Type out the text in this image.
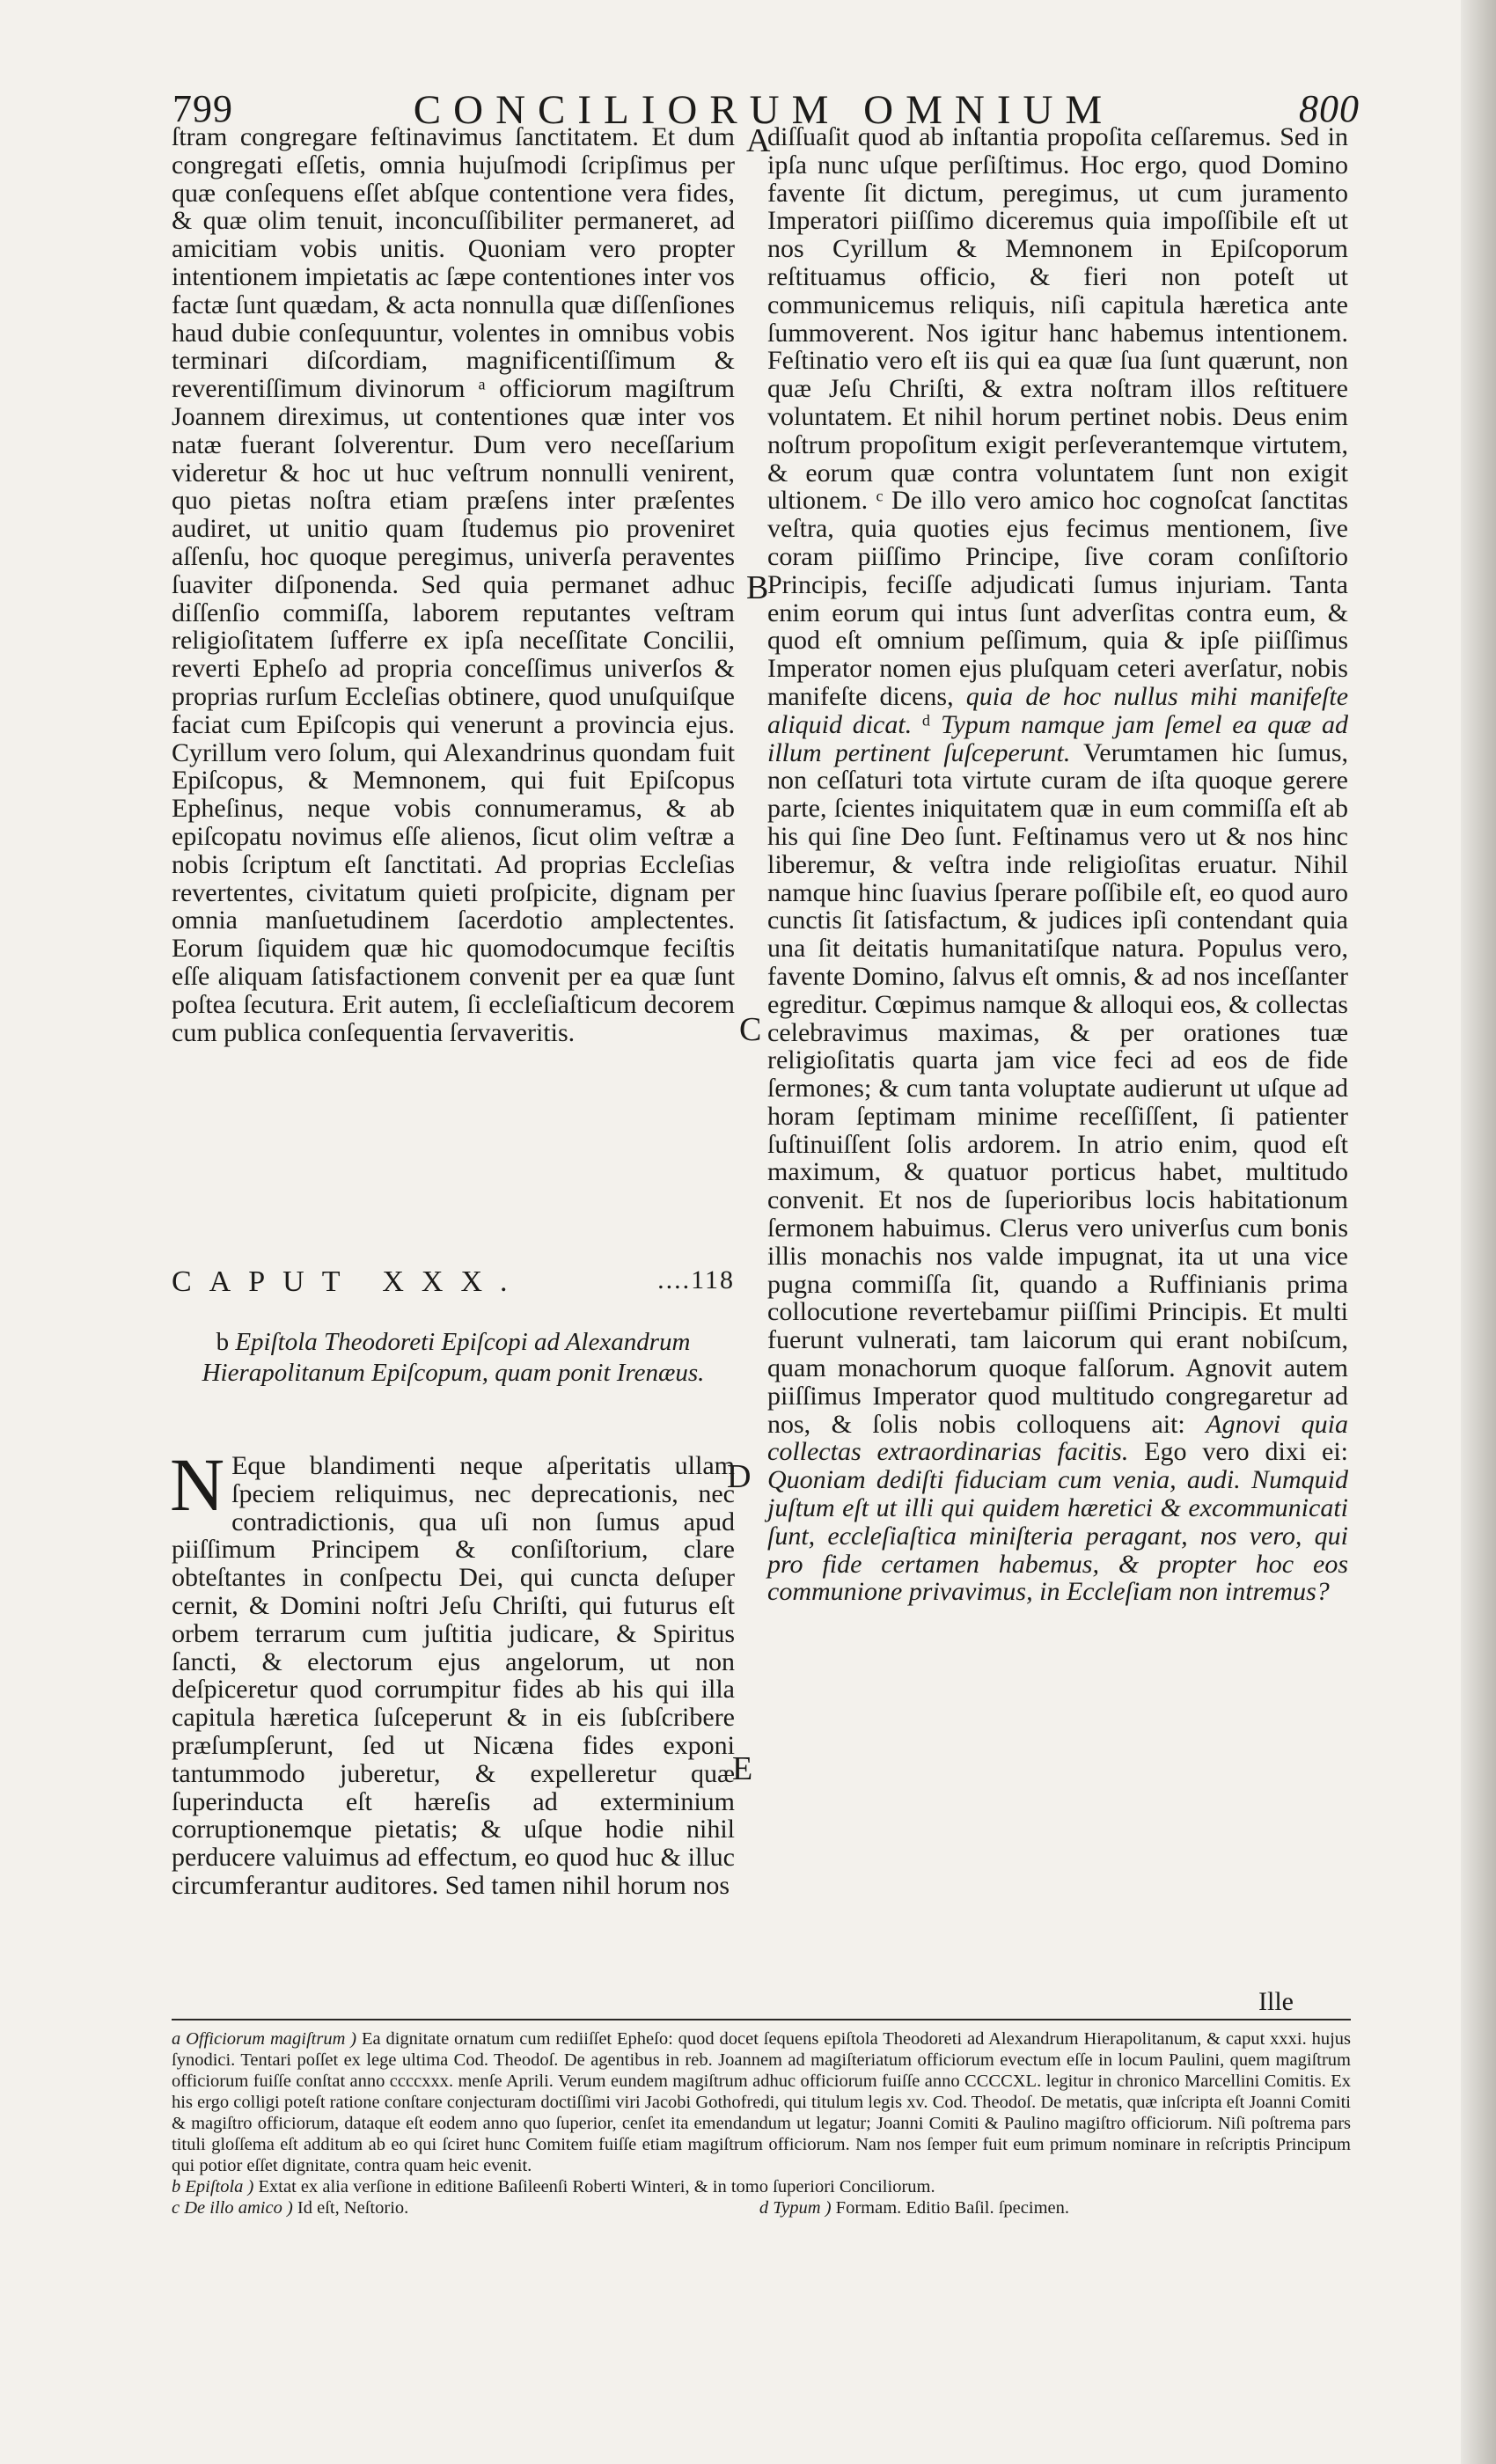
799	CONCILIORUM OMNIUM	800

ſtram congregare feſtinavimus ſanctitatem. Et dum congregati eſſetis, omnia hujuſmodi ſcripſimus per quæ conſequens eſſet abſque contentione vera fides, & quæ olim tenuit, inconcuſſibiliter permaneret, ad amicitiam vobis unitis. Quoniam vero propter intentionem impietatis ac ſæpe contentiones inter vos factæ ſunt quædam, & acta nonnulla quæ diſſenſiones haud dubie conſequuntur, volentes in omnibus vobis terminari diſcordiam, magnificentiſſimum & reverentiſſimum divinorum ᵃ officiorum magiſtrum Joannem direximus, ut contentiones quæ inter vos natæ fuerant ſolverentur. Dum vero neceſſarium videretur & hoc ut huc veſtrum nonnulli venirent, quo pietas noſtra etiam præſens inter præſentes audiret, ut unitio quam ſtudemus pio proveniret aſſenſu, hoc quoque peregimus, univerſa peraventes ſuaviter diſponenda. Sed quia permanet adhuc diſſenſio commiſſa, laborem reputantes veſtram religioſitatem ſufferre ex ipſa neceſſitate Concilii, reverti Epheſo ad propria conceſſimus univerſos & proprias rurſum Eccleſias obtinere, quod unuſquiſque faciat cum Epiſcopis qui venerunt a provincia ejus. Cyrillum vero ſolum, qui Alexandrinus quondam fuit Epiſcopus, & Memnonem, qui fuit Epiſcopus Epheſinus, neque vobis connumeramus, & ab epiſcopatu novimus eſſe alienos, ſicut olim veſtræ a nobis ſcriptum eſt ſanctitati. Ad proprias Eccleſias revertentes, civitatum quieti proſpicite, dignam per omnia manſuetudinem ſacerdotio amplectentes. Eorum ſiquidem quæ hic quomodocumque feciſtis eſſe aliquam ſatisfactionem convenit per ea quæ ſunt poſtea ſecutura. Erit autem, ſi eccleſiaſticum decorem cum publica conſequentia ſervaveritis.

CAPUT XXX.	....118
b Epiſtola Theodoreti Epiſcopi ad Alexandrum Hierapolitanum Epiſcopum, quam ponit Irenæus.
N Eque blandimenti neque aſperitatis ullam ſpeciem reliquimus, nec deprecationis, nec contradictionis, qua uſi non ſumus apud piiſſimum Principem & conſiſtorium, clare obteſtantes in conſpectu Dei, qui cuncta deſuper cernit, & Domini noſtri Jeſu Chriſti, qui futurus eſt orbem terrarum cum juſtitia judicare, & Spiritus ſancti, & electorum ejus angelorum, ut non deſpiceretur quod corrumpitur fides ab his qui illa capitula hæretica ſuſceperunt & in eis ſubſcribere præſumpſerunt, ſed ut Nicæna fides exponi tantummodo juberetur, & expelleretur quæ ſuperinducta eſt hæreſis ad exterminium corruptionemque pietatis; & uſque hodie nihil perducere valuimus ad effectum, eo quod huc & illuc circumferantur auditores. Sed tamen nihil horum nos

diſſuaſit quod ab inſtantia propoſita ceſſaremus. Sed in ipſa nunc uſque perſiſtimus. Hoc ergo, quod Domino favente ſit dictum, peregimus, ut cum juramento Imperatori piiſſimo diceremus quia impoſſibile eſt ut nos Cyrillum & Memnonem in Epiſcoporum reſtituamus officio, & fieri non poteſt ut communicemus reliquis, niſi capitula hæretica ante ſummoverent. Nos igitur hanc habemus intentionem. Feſtinatio vero eſt iis qui ea quæ ſua ſunt quærunt, non quæ Jeſu Chriſti, & extra noſtram illos reſtituere voluntatem. Et nihil horum pertinet nobis. Deus enim noſtrum propoſitum exigit perſeverantemque virtutem, & eorum quæ contra voluntatem ſunt non exigit ultionem. ᶜ De illo vero amico hoc cognoſcat ſanctitas veſtra, quia quoties ejus fecimus mentionem, ſive coram piiſſimo Principe, ſive coram conſiſtorio Principis, feciſſe adjudicati ſumus injuriam. Tanta enim eorum qui intus ſunt adverſitas contra eum, & quod eſt omnium peſſimum, quia & ipſe piiſſimus Imperator nomen ejus pluſquam ceteri averſatur, nobis manifeſte dicens, quia de hoc nullus mihi manifeſte aliquid dicat. ᵈ Typum namque jam ſemel ea quæ ad illum pertinent ſuſceperunt. Verumtamen hic ſumus, non ceſſaturi tota virtute curam de iſta quoque gerere parte, ſcientes iniquitatem quæ in eum commiſſa eſt ab his qui ſine Deo ſunt. Feſtinamus vero ut & nos hinc liberemur, & veſtra inde religioſitas eruatur. Nihil namque hinc ſuavius ſperare poſſibile eſt, eo quod auro cunctis ſit ſatisfactum, & judices ipſi contendant quia una ſit deitatis humanitatiſque natura. Populus vero, favente Domino, ſalvus eſt omnis, & ad nos inceſſanter egreditur. Cœpimus namque & alloqui eos, & collectas celebravimus maximas, & per orationes tuæ religioſitatis quarta jam vice feci ad eos de fide ſermones; & cum tanta voluptate audierunt ut uſque ad horam ſeptimam minime receſſiſſent, ſi patienter ſuſtinuiſſent ſolis ardorem. In atrio enim, quod eſt maximum, & quatuor porticus habet, multitudo convenit. Et nos de ſuperioribus locis habitationum ſermonem habuimus. Clerus vero univerſus cum bonis illis monachis nos valde impugnat, ita ut una vice pugna commiſſa ſit, quando a Ruffinianis prima collocutione revertebamur piiſſimi Principis. Et multi fuerunt vulnerati, tam laicorum qui erant nobiſcum, quam monachorum quoque falſorum. Agnovit autem piiſſimus Imperator quod multitudo congregaretur ad nos, & ſolis nobis colloquens ait: Agnovi quia collectas extraordinarias facitis. Ego vero dixi ei: Quoniam dediſti fiduciam cum venia, audi. Numquid juſtum eſt ut illi qui quidem hæretici & excommunicati ſunt, eccleſiaſtica miniſteria peragant, nos vero, qui pro fide certamen habemus, & propter hoc eos communione privavimus, in Eccleſiam non intremus?

Ille
A
B
C
D
E

a Officiorum magiſtrum ) Ea dignitate ornatum cum rediiſſet Epheſo: quod docet ſequens epiſtola Theodoreti ad Alexandrum Hierapolitanum, & caput xxxi. hujus ſynodici. Tentari poſſet ex lege ultima Cod. Theodoſ. De agentibus in reb. Joannem ad magiſteriatum officiorum evectum eſſe in locum Paulini, quem magiſtrum officiorum fuiſſe conſtat anno ccccxxx. menſe Aprili. Verum eundem magiſtrum adhuc officiorum fuiſſe anno CCCCXL. legitur in chronico Marcellini Comitis. Ex his ergo colligi poteſt ratione conſtare conjecturam doctiſſimi viri Jacobi Gothofredi, qui titulum legis xv. Cod. Theodoſ. De metatis, quæ inſcripta eſt Joanni Comiti & magiſtro officiorum, dataque eſt eodem anno quo ſuperior, cenſet ita emendandum ut legatur; Joanni Comiti & Paulino magiſtro officiorum. Niſi poſtrema pars tituli gloſſema eſt additum ab eo qui ſciret hunc Comitem fuiſſe etiam magiſtrum officiorum. Nam nos ſemper fuit eum primum nominare in reſcriptis Principum qui potior eſſet dignitate, contra quam heic evenit.

b Epiſtola ) Extat ex alia verſione in editione Baſileenſi Roberti Winteri, & in tomo ſuperiori Conciliorum.

c De illo amico ) Id eſt, Neſtorio.	d Typum ) Formam. Editio Baſil. ſpecimen.
